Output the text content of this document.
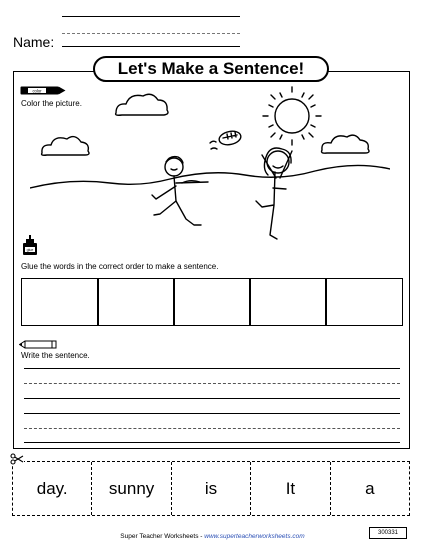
Name:
Let's Make a Sentence!
color
Color the picture.
glue
Glue the words in the correct order to make a sentence.
Write the sentence.
day.	sunny	is	It	a
Super Teacher Worksheets - www.superteacherworksheets.com	300331
